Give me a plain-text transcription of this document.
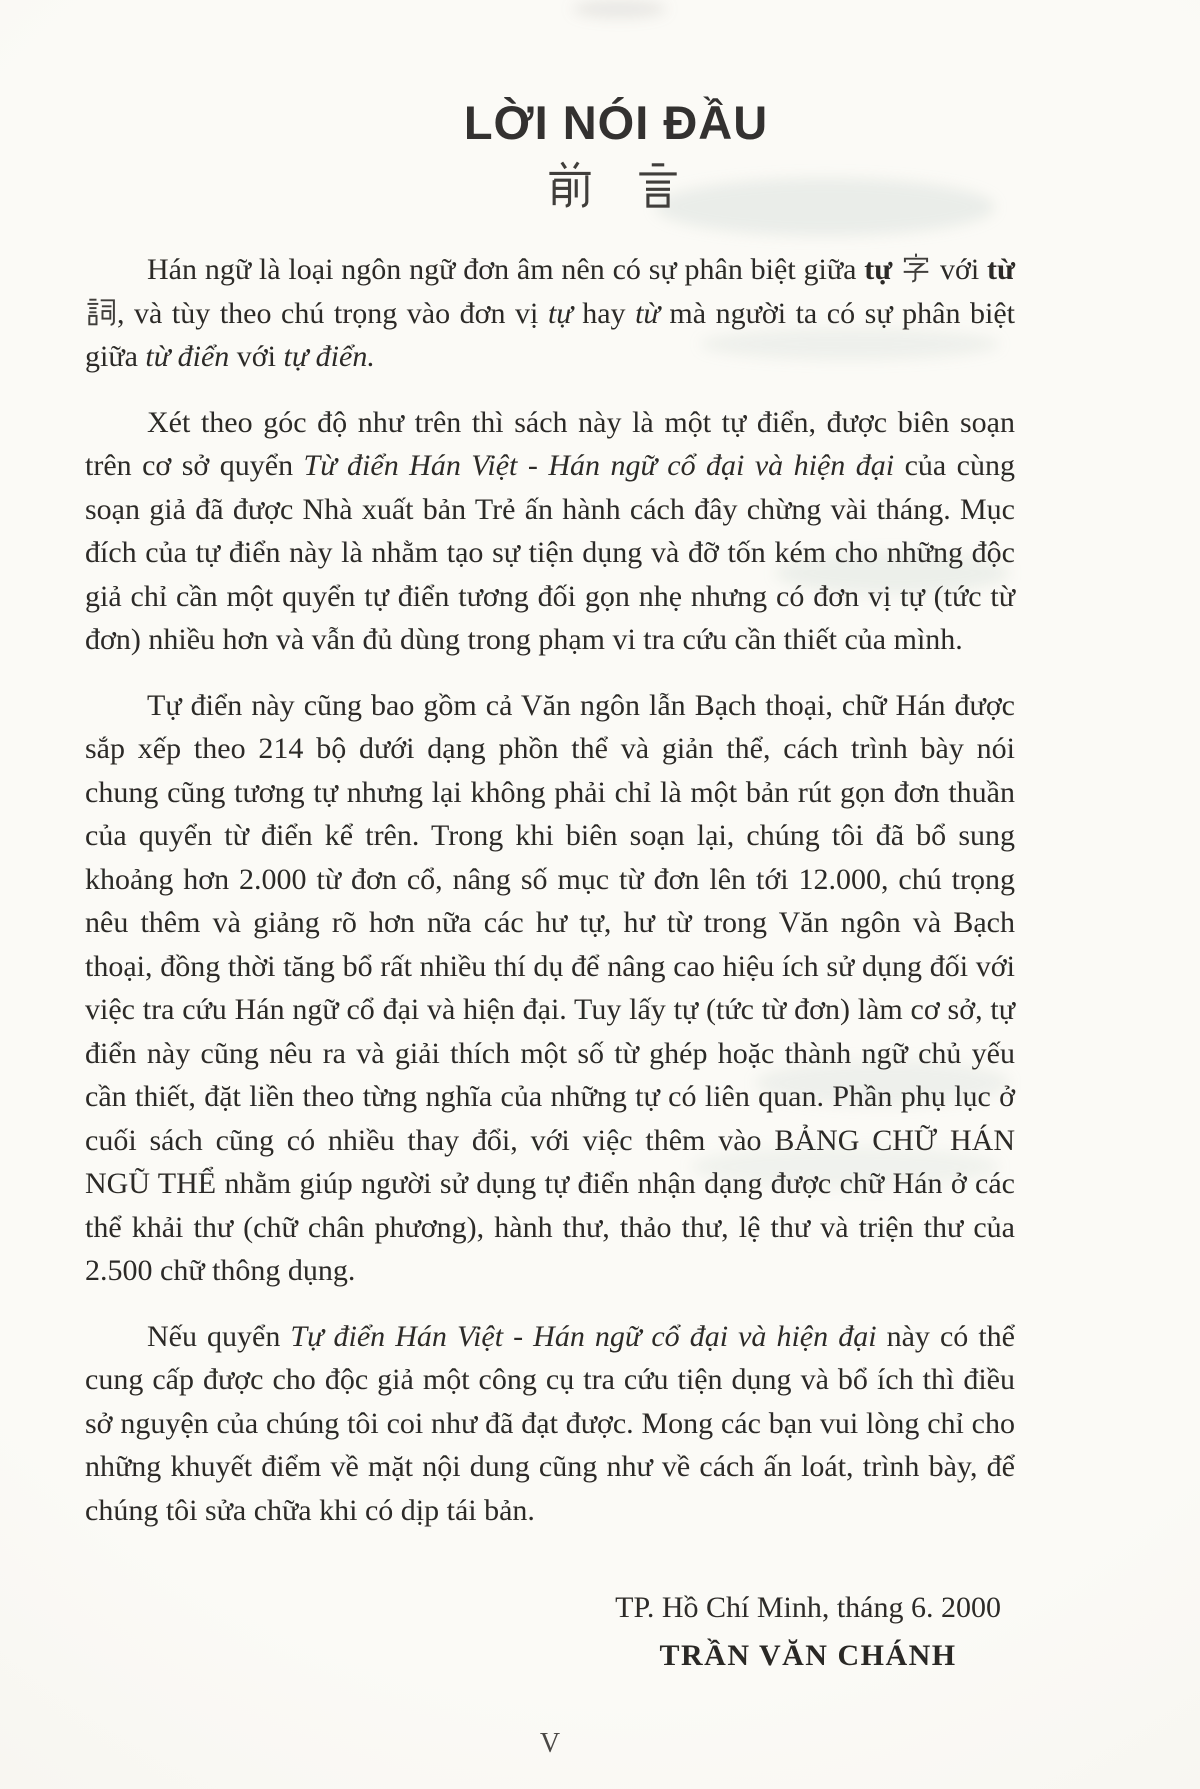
LỜI NÓI ĐẦU

Hán ngữ là loại ngôn ngữ đơn âm nên có sự phân biệt giữa tự
với từ
, và tùy theo chú trọng vào đơn vị tự hay từ mà người ta có sự phân biệt giữa từ điển với tự điển.

Xét theo góc độ như trên thì sách này là một tự điển, được biên soạn trên cơ sở quyển Từ điển Hán Việt - Hán ngữ cổ đại và hiện đại của cùng soạn giả đã được Nhà xuất bản Trẻ ấn hành cách đây chừng vài tháng. Mục đích của tự điển này là nhằm tạo sự tiện dụng và đỡ tốn kém cho những độc giả chỉ cần một quyển tự điển tương đối gọn nhẹ nhưng có đơn vị tự (tức từ đơn) nhiều hơn và vẫn đủ dùng trong phạm vi tra cứu cần thiết của mình.

Tự điển này cũng bao gồm cả Văn ngôn lẫn Bạch thoại, chữ Hán được sắp xếp theo 214 bộ dưới dạng phồn thể và giản thể, cách trình bày nói chung cũng tương tự nhưng lại không phải chỉ là một bản rút gọn đơn thuần của quyển từ điển kể trên. Trong khi biên soạn lại, chúng tôi đã bổ sung khoảng hơn 2.000 từ đơn cổ, nâng số mục từ đơn lên tới 12.000, chú trọng nêu thêm và giảng rõ hơn nữa các hư tự, hư từ trong Văn ngôn và Bạch thoại, đồng thời tăng bổ rất nhiều thí dụ để nâng cao hiệu ích sử dụng đối với việc tra cứu Hán ngữ cổ đại và hiện đại. Tuy lấy tự (tức từ đơn) làm cơ sở, tự điển này cũng nêu ra và giải thích một số từ ghép hoặc thành ngữ chủ yếu cần thiết, đặt liền theo từng nghĩa của những tự có liên quan. Phần phụ lục ở cuối sách cũng có nhiều thay đổi, với việc thêm vào BẢNG CHỮ HÁN NGŨ THỂ nhằm giúp người sử dụng tự điển nhận dạng được chữ Hán ở các thể khải thư (chữ chân phương), hành thư, thảo thư, lệ thư và triện thư của 2.500 chữ thông dụng.

Nếu quyển Tự điển Hán Việt - Hán ngữ cổ đại và hiện đại này có thể cung cấp được cho độc giả một công cụ tra cứu tiện dụng và bổ ích thì điều sở nguyện của chúng tôi coi như đã đạt được. Mong các bạn vui lòng chỉ cho những khuyết điểm về mặt nội dung cũng như về cách ấn loát, trình bày, để chúng tôi sửa chữa khi có dịp tái bản.

TP. Hồ Chí Minh, tháng 6. 2000
TRẦN VĂN CHÁNH
V
